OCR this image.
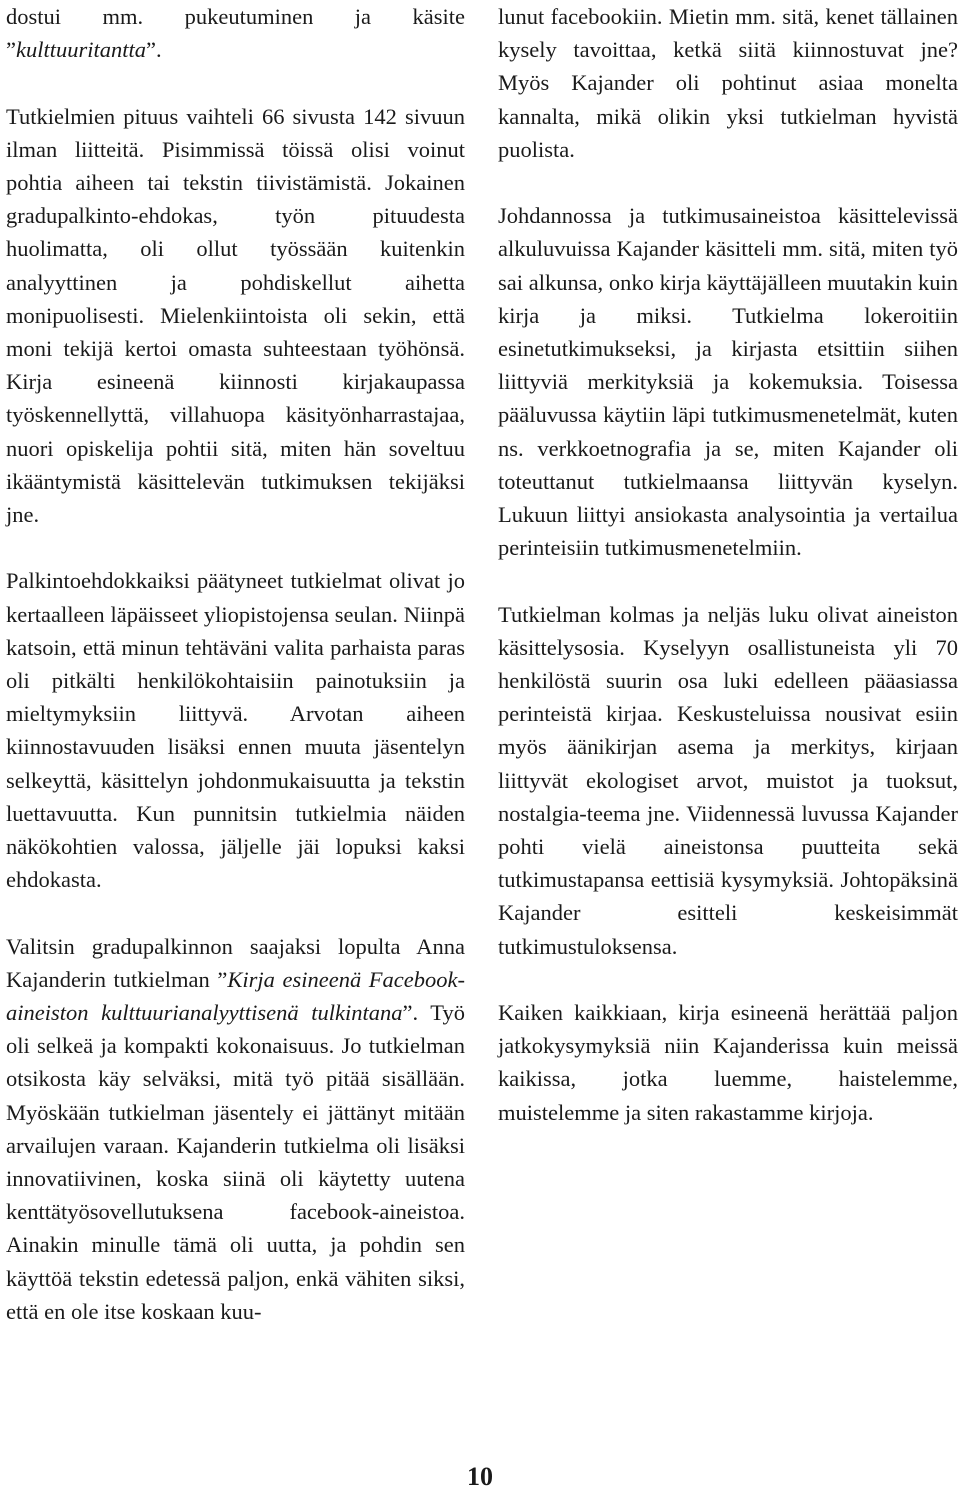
dostui mm. pukeutuminen ja käsite ”kulttuuritantta”.

Tutkielmien pituus vaihteli 66 sivusta 142 sivuun ilman liitteitä. Pisimmissä töissä olisi voinut pohtia aiheen tai tekstin tiivistämistä. Jokainen gradupalkinto-ehdokas, työn pituudesta huolimatta, oli ollut työssään kuitenkin analyyttinen ja pohdiskellut aihetta monipuolisesti. Mielenkiintoista oli sekin, että moni tekijä kertoi omasta suhteestaan työhönsä. Kirja esineenä kiinnosti kirjakaupassa työskennellyttä, villahuopa käsityönharrastajaa, nuori opiskelija pohtii sitä, miten hän soveltuu ikääntymistä käsittelevän tutkimuksen tekijäksi jne.

Palkintoehdokkaiksi päätyneet tutkielmat olivat jo kertaalleen läpäisseet yliopistojensa seulan. Niinpä katsoin, että minun tehtäväni valita parhaista paras oli pitkälti henkilökohtaisiin painotuksiin ja mieltymyksiin liittyvä. Arvotan aiheen kiinnostavuuden lisäksi ennen muuta jäsentelyn selkeyttä, käsittelyn johdonmukaisuutta ja tekstin luettavuutta. Kun punnitsin tutkielmia näiden näkökohtien valossa, jäljelle jäi lopuksi kaksi ehdokasta.

Valitsin gradupalkinnon saajaksi lopulta Anna Kajanderin tutkielman ”Kirja esineenä Facebook-aineiston kulttuurianalyyttisenä tulkintana”. Työ oli selkeä ja kompakti kokonaisuus. Jo tutkielman otsikosta käy selväksi, mitä työ pitää sisällään. Myöskään tutkielman jäsentely ei jättänyt mitään arvailujen varaan. Kajanderin tutkielma oli lisäksi innovatiivinen, koska siinä oli käytetty uutena kenttätyösovellutuksena facebook-aineistoa. Ainakin minulle tämä oli uutta, ja pohdin sen käyttöä tekstin edetessä paljon, enkä vähiten siksi, että en ole itse koskaan kuu-

lunut facebookiin. Mietin mm. sitä, kenet tällainen kysely tavoittaa, ketkä siitä kiinnostuvat jne? Myös Kajander oli pohtinut asiaa monelta kannalta, mikä olikin yksi tutkielman hyvistä puolista.

Johdannossa ja tutkimusaineistoa käsittelevissä alkuluvuissa Kajander käsitteli mm. sitä, miten työ sai alkunsa, onko kirja käyttäjälleen muutakin kuin kirja ja miksi. Tutkielma lokeroitiin esinetutkimukseksi, ja kirjasta etsittiin siihen liittyviä merkityksiä ja kokemuksia. Toisessa pääluvussa käytiin läpi tutkimusmenetelmät, kuten ns. verkkoetnografia ja se, miten Kajander oli toteuttanut tutkielmaansa liittyvän kyselyn. Lukuun liittyi ansiokasta analysointia ja vertailua perinteisiin tutkimusmenetelmiin.

Tutkielman kolmas ja neljäs luku olivat aineiston käsittelysosia. Kyselyyn osallistuneista yli 70 henkilöstä suurin osa luki edelleen pääasiassa perinteistä kirjaa. Keskusteluissa nousivat esiin myös äänikirjan asema ja merkitys, kirjaan liittyvät ekologiset arvot, muistot ja tuoksut, nostalgia-teema jne. Viidennessä luvussa Kajander pohti vielä aineistonsa puutteita sekä tutkimustapansa eettisiä kysymyksiä. Johtopäksinä Kajander esitteli keskeisimmät tutkimustuloksensa.

Kaiken kaikkiaan, kirja esineenä herättää paljon jatkokysymyksiä niin Kajanderissa kuin meissä kaikissa, jotka luemme, haistelemme, muistelemme ja siten rakastamme kirjoja.

10
